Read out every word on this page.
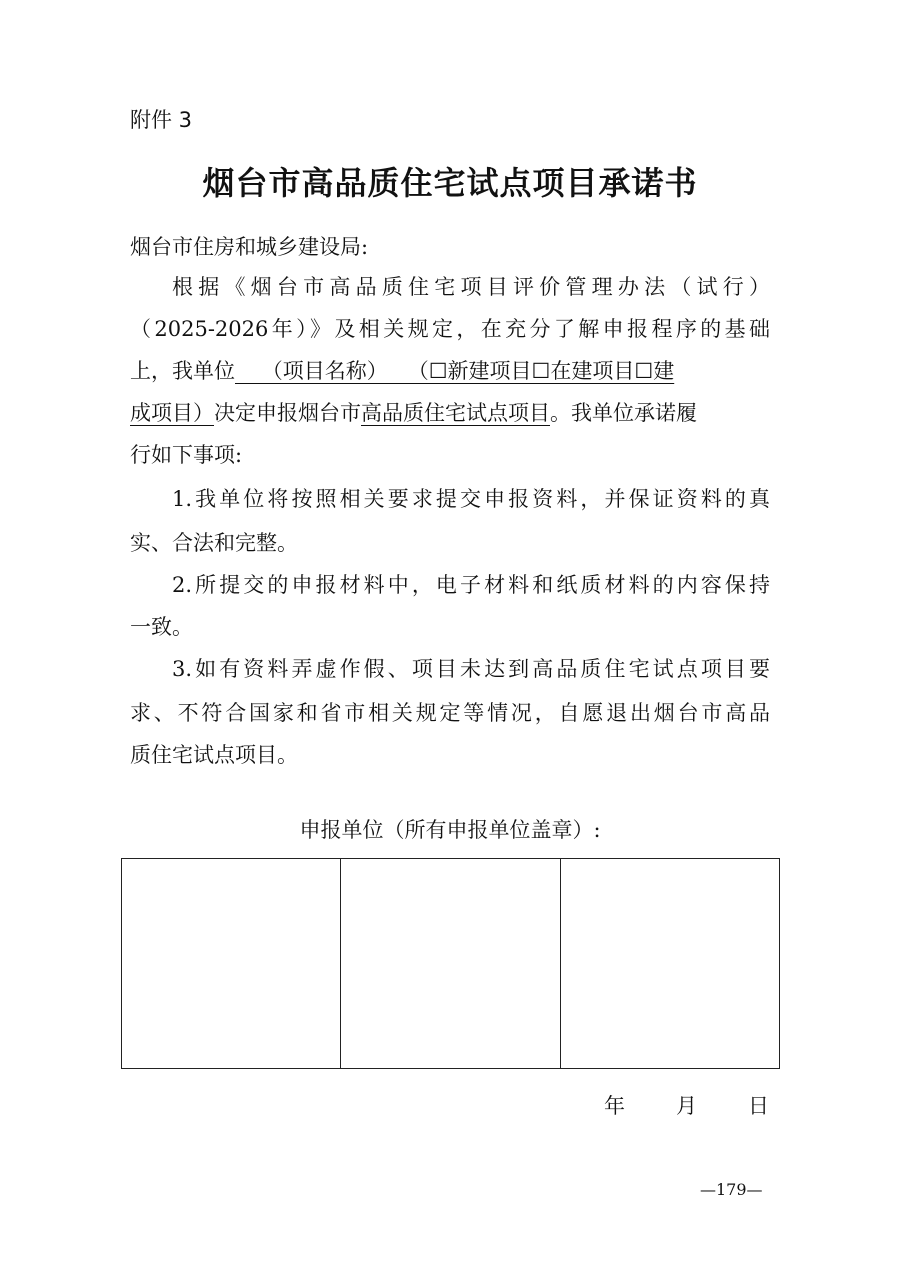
附件 3
烟台市高品质住宅试点项目承诺书
烟台市住房和城乡建设局:
根据《烟台市高品质住宅项目评价管理办法（试行）
（2025-2026年）》及相关规定，在充分了解申报程序的基础
上，我单位    （项目名称）   （☐新建项目☐在建项目☐建
成项目）决定申报烟台市高品质住宅试点项目。我单位承诺履
行如下事项:
1.我单位将按照相关要求提交申报资料，并保证资料的真
实、合法和完整。
2.所提交的申报材料中，电子材料和纸质材料的内容保持
一致。
3.如有资料弄虚作假、项目未达到高品质住宅试点项目要
求、不符合国家和省市相关规定等情况，自愿退出烟台市高品
质住宅试点项目。
申报单位（所有申报单位盖章）:
年 月 日
—179—
